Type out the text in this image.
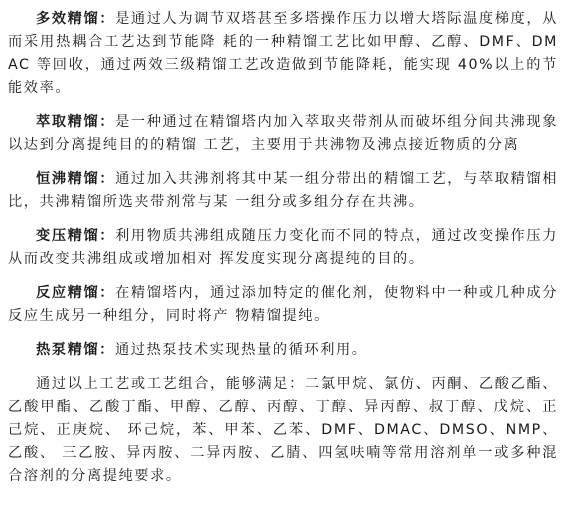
多效精馏：是通过人为调节双塔甚至多塔操作压力以增大塔际温度梯度，从而采用热耦合工艺达到节能降 耗的一种精馏工艺比如甲醇、乙醇、DMF、DMAC 等回收，通过两效三级精馏工艺改造做到节能降耗，能实现 40%以上的节能效率。

萃取精馏：是一种通过在精馏塔内加入萃取夹带剂从而破坏组分间共沸现象以达到分离提纯目的的精馏 工艺，主要用于共沸物及沸点接近物质的分离

恒沸精馏：通过加入共沸剂将其中某一组分带出的精馏工艺，与萃取精馏相比，共沸精馏所选夹带剂常与某 一组分或多组分存在共沸。

变压精馏：利用物质共沸组成随压力变化而不同的特点，通过改变操作压力从而改变共沸组成或增加相对 挥发度实现分离提纯的目的。

反应精馏：在精馏塔内，通过添加特定的催化剂，使物料中一种或几种成分反应生成另一种组分，同时将产 物精馏提纯。

热泵精馏：通过热泵技术实现热量的循环利用。

通过以上工艺或工艺组合，能够满足：二氯甲烷、氯仿、丙酮、乙酸乙酯、乙酸甲酯、乙酸丁酯、甲醇、乙醇、丙醇、丁醇、异丙醇、叔丁醇、戊烷、正己烷、正庚烷、 环己烷，苯、甲苯、乙苯、DMF、DMAC、DMSO、NMP、乙酸、 三乙胺、异丙胺、二异丙胺、乙腈、四氢呋喃等常用溶剂单一或多种混合溶剂的分离提纯要求。
